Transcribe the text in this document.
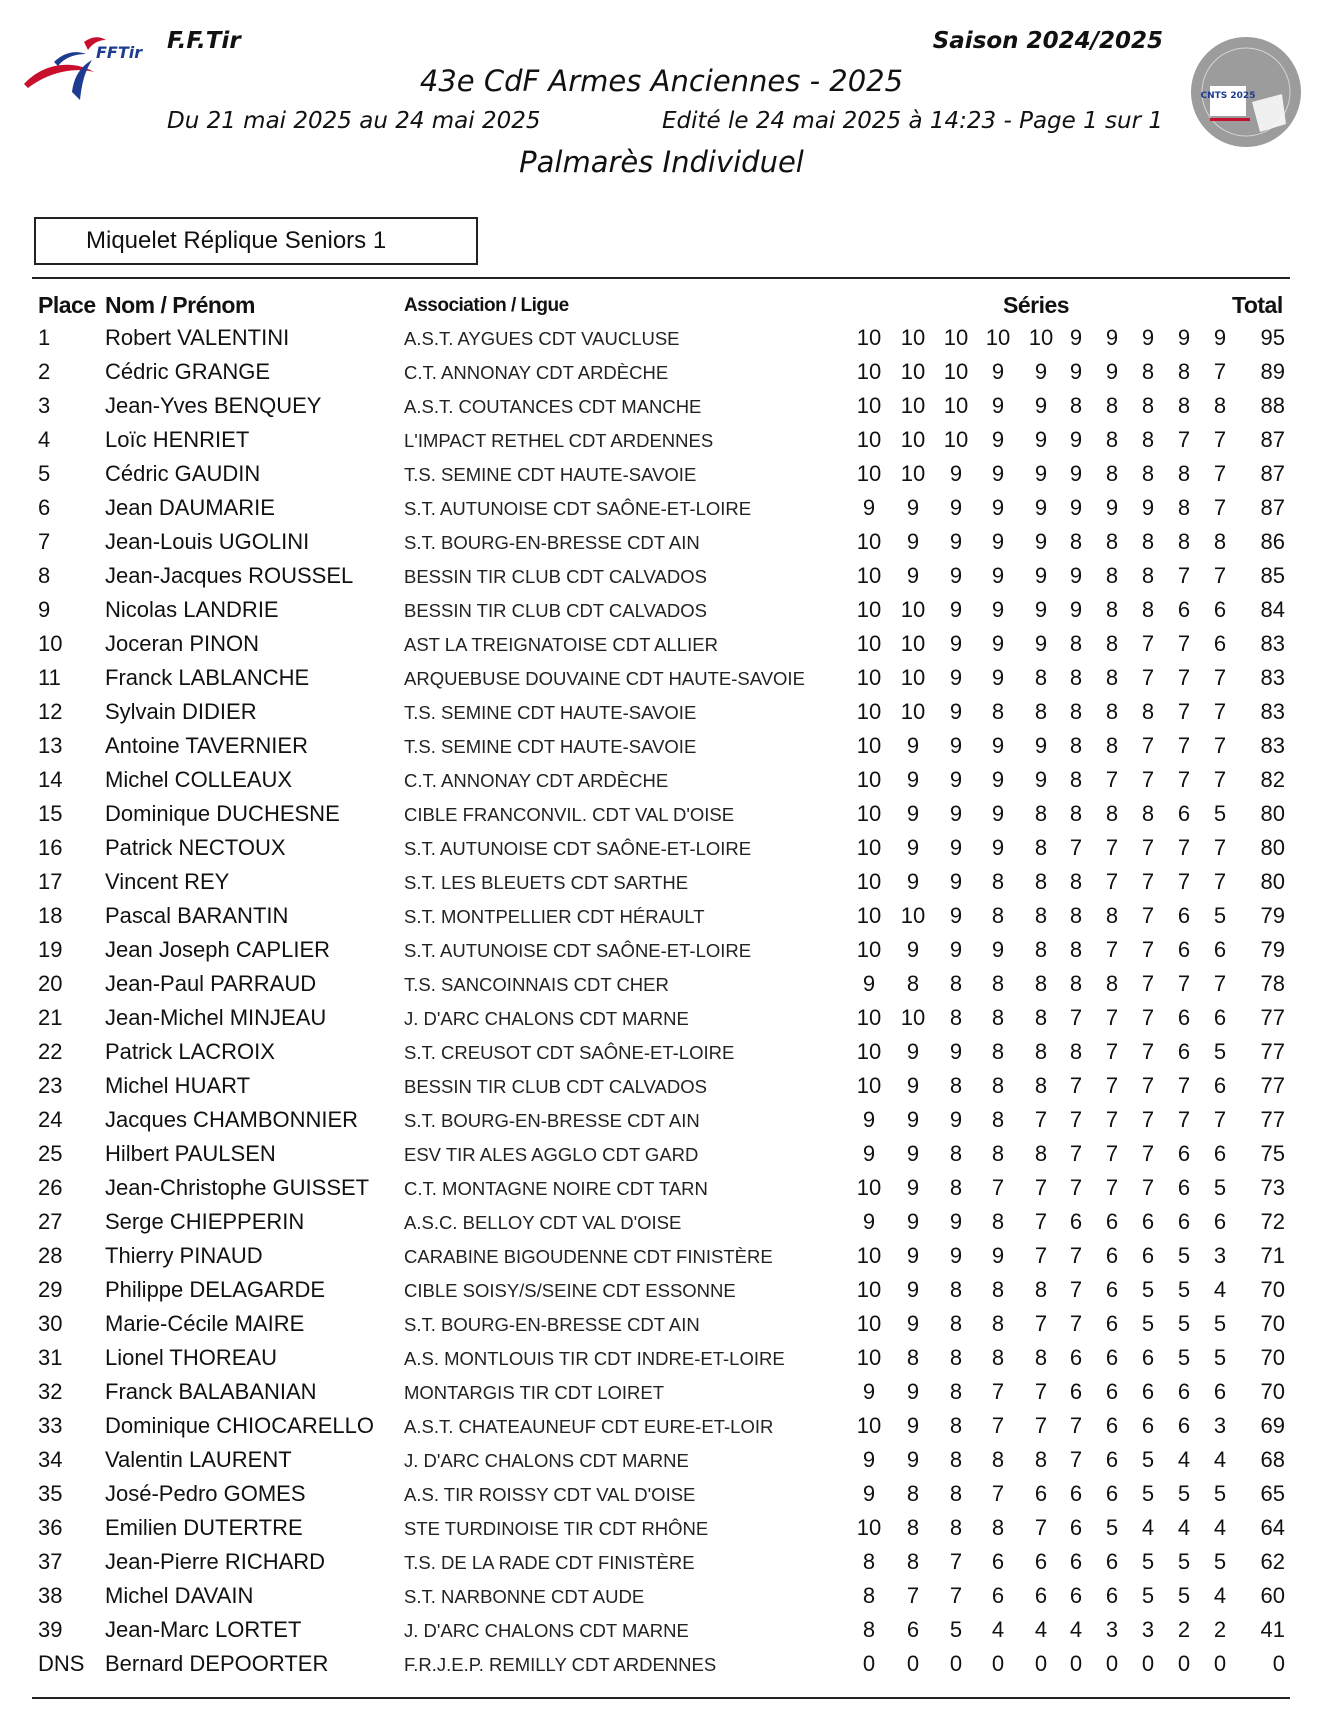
FFTir F.F.Tir	Saison 2024/2025
43e CdF Armes Anciennes - 2025
Du 21 mai 2025 au 24 mai 2025	Edité le 24 mai 2025 à 14:23 - Page 1 sur 1
Palmarès Individuel
CNTS 2025
Miquelet Réplique Seniors 1
Place Nom / Prénom	Association / Ligue	Séries	Total
1 Robert VALENTINI	A.S.T. AYGUES CDT VAUCLUSE	10 10 10 10 10 9	9	9	9	9	95
2 Cédric GRANGE	C.T. ANNONAY CDT ARDÈCHE	10 10 10	9	9	9	9	8	8	7	89
3 Jean-Yves BENQUEY	A.S.T. COUTANCES CDT MANCHE	10 10 10	9	9	8	8	8	8	8	88
4 Loïc HENRIET	L'IMPACT RETHEL CDT ARDENNES	10 10 10	9	9	9	8	8	7	7	87
5 Cédric GAUDIN	T.S. SEMINE CDT HAUTE-SAVOIE	10 10	9	9	9	9	8	8	8	7	87
6 Jean DAUMARIE	S.T. AUTUNOISE CDT SAÔNE-ET-LOIRE	9	9	9	9	9	9	9	9	8	7	87
7 Jean-Louis UGOLINI	S.T. BOURG-EN-BRESSE CDT AIN	10	9	9	9	9	8	8	8	8	8	86
8 Jean-Jacques ROUSSEL	BESSIN TIR CLUB CDT CALVADOS	10	9	9	9	9	9	8	8	7	7	85
9 Nicolas LANDRIE	BESSIN TIR CLUB CDT CALVADOS	10 10	9	9	9	9	8	8	6	6	84
10 Joceran PINON	AST LA TREIGNATOISE CDT ALLIER	10 10	9	9	9	8	8	7	7	6	83
11 Franck LABLANCHE	ARQUEBUSE DOUVAINE CDT HAUTE-SAVOIE 10 10	9	9	8	8	8	7	7	7	83
12 Sylvain DIDIER	T.S. SEMINE CDT HAUTE-SAVOIE	10 10	9	8	8	8	8	8	7	7	83
13 Antoine TAVERNIER	T.S. SEMINE CDT HAUTE-SAVOIE	10	9	9	9	9	8	8	7	7	7	83
14 Michel COLLEAUX	C.T. ANNONAY CDT ARDÈCHE	10	9	9	9	9	8	7	7	7	7	82
15 Dominique DUCHESNE	CIBLE FRANCONVIL. CDT VAL D'OISE	10	9	9	9	8	8	8	8	6	5	80
16 Patrick NECTOUX	S.T. AUTUNOISE CDT SAÔNE-ET-LOIRE	10	9	9	9	8	7	7	7	7	7	80
17 Vincent REY	S.T. LES BLEUETS CDT SARTHE	10	9	9	8	8	8	7	7	7	7	80
18 Pascal BARANTIN	S.T. MONTPELLIER CDT HÉRAULT	10 10	9	8	8	8	8	7	6	5	79
19 Jean Joseph CAPLIER	S.T. AUTUNOISE CDT SAÔNE-ET-LOIRE	10	9	9	9	8	8	7	7	6	6	79
20 Jean-Paul PARRAUD	T.S. SANCOINNAIS CDT CHER	9	8	8	8	8	8	8	7	7	7	78
21 Jean-Michel MINJEAU	J. D'ARC CHALONS CDT MARNE	10 10	8	8	8	7	7	7	6	6	77
22 Patrick LACROIX	S.T. CREUSOT CDT SAÔNE-ET-LOIRE	10	9	9	8	8	8	7	7	6	5	77
23 Michel HUART	BESSIN TIR CLUB CDT CALVADOS	10	9	8	8	8	7	7	7	7	6	77
24 Jacques CHAMBONNIER S.T. BOURG-EN-BRESSE CDT AIN	9	9	9	8	7	7	7	7	7	7	77
25 Hilbert PAULSEN	ESV TIR ALES AGGLO CDT GARD	9	9	8	8	8	7	7	7	6	6	75
26 Jean-Christophe GUISSET C.T. MONTAGNE NOIRE CDT TARN	10	9	8	7	7	7	7	7	6	5	73
27 Serge CHIEPPERIN	A.S.C. BELLOY CDT VAL D'OISE	9	9	9	8	7	6	6	6	6	6	72
28 Thierry PINAUD	CARABINE BIGOUDENNE CDT FINISTÈRE	10	9	9	9	7	7	6	6	5	3	71
29 Philippe DELAGARDE	CIBLE SOISY/S/SEINE CDT ESSONNE	10	9	8	8	8	7	6	5	5	4	70
30 Marie-Cécile MAIRE	S.T. BOURG-EN-BRESSE CDT AIN	10	9	8	8	7	7	6	5	5	5	70
31 Lionel THOREAU	A.S. MONTLOUIS TIR CDT INDRE-ET-LOIRE	10	8	8	8	8	6	6	6	5	5	70
32 Franck BALABANIAN	MONTARGIS TIR CDT LOIRET	9	9	8	7	7	6	6	6	6	6	70
33 Dominique CHIOCARELLO A.S.T. CHATEAUNEUF CDT EURE-ET-LOIR	10	9	8	7	7	7	6	6	6	3	69
34 Valentin LAURENT	J. D'ARC CHALONS CDT MARNE	9	9	8	8	8	7	6	5	4	4	68
35 José-Pedro GOMES	A.S. TIR ROISSY CDT VAL D'OISE	9	8	8	7	6	6	6	5	5	5	65
36 Emilien DUTERTRE	STE TURDINOISE TIR CDT RHÔNE	10	8	8	8	7	6	5	4	4	4	64
37 Jean-Pierre RICHARD	T.S. DE LA RADE CDT FINISTÈRE	8	8	7	6	6	6	6	5	5	5	62
38 Michel DAVAIN	S.T. NARBONNE CDT AUDE	8	7	7	6	6	6	6	5	5	4	60
39 Jean-Marc LORTET	J. D'ARC CHALONS CDT MARNE	8	6	5	4	4	4	3	3	2	2	41
DNS Bernard DEPOORTER	F.R.J.E.P. REMILLY CDT ARDENNES	0	0	0	0	0	0	0	0	0	0	0
